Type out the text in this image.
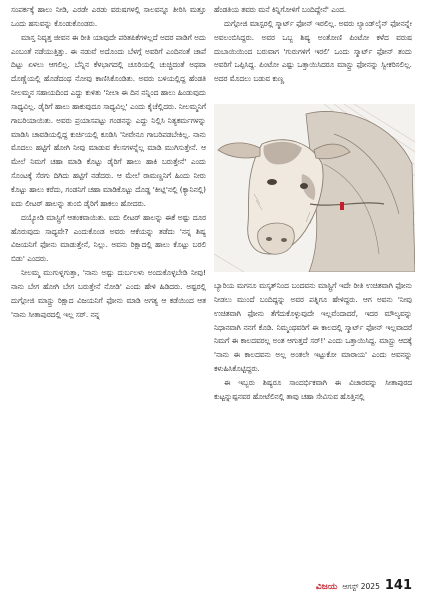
ಸಂಪರ್ಕಕ್ಕೆ ಹಾಲು ನೀಡಿ, ಎರಡೇ ಎರಡು ವರುಷಗಳಲ್ಲಿ ಸಾಲವನ್ನೂ ತೀರಿಸಿ ಮತ್ತೂ ಒಂದು ಹಸುವನ್ನು ಕೊಂಡುಕೊಂಡರು.

ಮಾಸ್ತ ನಿವೃತ್ತ ಜೀವನ ಈ ರೀತಿ ಯಾವುದೇ ಪರಿತಪಿಕೆಗಳಿಲ್ಲದೆ ಅದರ ಪಾಡಿಗೆ ಅದು ಎಂಬಂತೆ ನಡೆಯುತ್ತಿತ್ತು. ಈ ನಡುವೆ ಅದೊಂದು ಬೆಳಗ್ಗೆ ಅವರಿಗೆ ಎಂದಿನಂತೆ ಚಾಪೆ ದಿಟ್ಟು ಏಳಲು ಆಗಲಿಲ್ಲ. ಬೆನ್ನಿನ ಕೆಳಭಾಗದಲ್ಲಿ ಚೂರಿಯಲ್ಲಿ ಚುಚ್ಚಿದಂತೆ ಅಥವಾ ದೊಣ್ಣೆಯಲ್ಲಿ ಹೊಡೆದಂಥ ನೋವು ಕಾಣಿಸಿಕೊಂಡಿತು. ಅವರು ಬಳಿಯಲ್ಲಿದ್ದ ಹೆಂಡತಿ ನೀಲಮ್ಮನ ಸಹಾಯದಿಂದ ಎದ್ದು ಕುಳಿತು 'ನೀಲಾ ಈ ದಿನ ನನ್ನಿಂದ ಹಾಲು ಹಿಂಡುವುದು ಸಾಧ್ಯವಿಲ್ಲ. ಡೈರಿಗೆ ಹಾಲು ಹಾಕುವುದೂ ಸಾಧ್ಯವಿಲ್ಲ' ಎಂದು ಕೈಚೆಲ್ಲಿದರು. ನೀಲಮ್ಮನಿಗೆ ಗಾಬರಿಯಾಯಿತು. ಅವರು ಪ್ರಯಾಸಪಟ್ಟು ಗಂಡನನ್ನು ಎದ್ದು ನಿಲ್ಲಿಸಿ ನಿತ್ಯಕರ್ಮಗಳನ್ನು ಮಾಡಿಸಿ ಚಾವಡಿಯಲ್ಲಿದ್ದ ಕುರ್ಚಿಯಲ್ಲಿ ಕೂಡಿಸಿ 'ನೀವೇನೂ ಗಾಬರಿಪಡಬೇಕಿಲ್ಲ. ನಾನು ಮೊದಲು ಹಟ್ಟಿಗೆ ಹೋಗಿ ನೀವು ಮಾಡುವ ಕೆಲಸಗಳನ್ನೆಲ್ಲ ಮಾಡಿ ಮುಗಿಸುತ್ತೇನೆ. ಆ ಮೇಲೆ ನಿಮಗೆ ಚಹಾ ಮಾಡಿ ಕೊಟ್ಟು ಡೈರಿಗೆ ಹಾಲು ಹಾಕಿ ಬರುತ್ತೇನೆ' ಎಂದು ಸೊಂಟಕ್ಕೆ ಸೆರಗು ದಿಗಿದು ಹಟ್ಟಿಗೆ ನಡೆದರು. ಆ ಮೇಲೆ ರಾಮಣ್ಣನಿಗೆ ಹಿಂದು ನೀರು ಕೊಟ್ಟು ಹಾಲು ಕರೆದು, ಗಂಡನಿಗೆ ಚಹಾ ಮಾಡಿಕೊಟ್ಟು ದೊಡ್ಡ 'ಕೀಟ್ಲಿ'ನಲ್ಲಿ (ಕ್ಯಾನಿನಲ್ಲಿ) ಐದು ಲೀಟರ್ ಹಾಲನ್ನು ತುಂಬಿ ಡೈರಿಗೆ ಹಾಕಲು ಹೋದರು.

ದಯ್ಯೋಡಿ ಮಾಸ್ಟ್ರಿಗೆ ಆತಂಕವಾಯಿತು. ಐದು ಲೀಟರ್ ಹಾಲನ್ನು ಈಕೆ ಅಷ್ಟು ದೂರ ಹೊರುವುದು ಸಾಧ್ಯವೇ? ಎಂದುಕೊಂಡ ಅವರು ಆಕೆಯನ್ನು ತಡೆದು 'ನನ್ನ ಶಿಷ್ಯ ವಿಜಯನಿಗೆ ಫೋನು ಮಾಡುತ್ತೇನೆ, ನಿಲ್ಲು. ಅವನು ರಿಕ್ಷಾದಲ್ಲಿ ಹಾಲು ಕೊಟ್ಟು ಬರಲಿ ಬಿಡು' ಎಂದರು.

ನೀಲಮ್ಮ ಮುಗುಳ್ನಗುತ್ತಾ, 'ನಾನು ಅಷ್ಟು ದುರ್ಬಲಳು ಅಂದುಕೊಳ್ಳಬೇಡಿ ನೀವು! ನಾನು ಬೇಗ ಹೋಗಿ ಬೇಗ ಬರುತ್ತೇನೆ ನೋಡಿ' ಎಂದು ಹೇಳಿ ಹಿಡಿದರು. ಅಷ್ಟರಲ್ಲಿ ದುಗ್ಗೋಜಿ ಮಾಸ್ಟ್ರು ರಿಕ್ಷಾದ ವಿಜಯನಿಗೆ ಫೋನು ಮಾಡಿ ಅಗತ್ಯ ಆ ಕಡೆಯಿಂದ ಆತ 'ನಾನು ಸೀತಾಪುರದಲ್ಲಿ ಇಲ್ಲ ಸರ್. ನನ್ನ

ಹೆಂಡತಿಯ ತವರು ಮನೆ ಕಿನ್ನಿಗೋಳಿಗೆ ಬಂದಿದ್ದೇನೆ' ಎಂದ.

ದುಗ್ಗೋಜಿ ಮಾಸ್ಟರಲ್ಲಿ ಸ್ಮಾರ್ಟ್ ಫೋನ್ ಇರಲಿಲ್ಲ. ಅವರು ಲ್ಯಾಂಡ್‌ಲೈನ್ ಫೋನನ್ನೇ ಅವಲಂಬಿಸಿದ್ದರು. ಅವರ ಒಬ್ಬ ಶಿಷ್ಯ ಅಂತೋಣಿ ಪಿಂಟೋ ಕಳೆದ ವರುಷ ದುಬಾಯಿಯಿಂದ ಬರುವಾಗ 'ಗುರುಗಳಿಗೆ ಇರಲಿ' ಒಂದು ಸ್ಮಾರ್ಟ್ ಫೋನ್ ತಂದು ಅವರಿಗೆ ಒಪ್ಪಿಸಿದ್ದ. ಪಿಂಟೋ ಎಷ್ಟು ಒತ್ತಾಯಿಸಿದರೂ ಮಾಸ್ಟ್ರು ಫೋನನ್ನು ಸ್ವೀಕರಿಸಲಿಲ್ಲ. ಅದರ ಮೊದಲು ಬಡುವ ಕುಣ್ಣ

ಬ್ಯಾರಿಯ ಮಗನೂ ಮಸ್ಕತ್‌ನಿಂದ ಬಂದವನು ಮಾಸ್ಟ್ರಿಗೆ ಇದೇ ರೀತಿ ಉಚಿತವಾಗಿ ಫೋನು ನೀಡಲು ಮುಂದೆ ಬಂದಿದ್ದನ್ನು ಅವರ ಪತ್ನಿಗೂ ಹೇಳಿದ್ದರು. ಆಗ ಅವನು 'ನೀವು ಉಚಿತವಾಗಿ ಫೋನು ತೆಗೆದುಕೊಳ್ಳುವುದೇ ಇಲ್ಲವೆಂದಾದರೆ, ಇದರ ಮೌಲ್ಯವನ್ನು ನಿಧಾನವಾಗಿ ನನಗೆ ಕೊಡಿ. ನಿಮ್ಮಂಥವರಿಗೆ ಈ ಕಾಲದಲ್ಲಿ ಸ್ಮಾರ್ಟ್ ಫೋನ್ ಇಲ್ಲವಾದರೆ ನಿಮಗೆ ಈ ಕಾಲದವರಲ್ಲ ಅಂತ ಆಗುತ್ತದೆ ಸರ್!' ಎಂದು ಒತ್ತಾಯಿಸಿದ್ದ. ಮಾಸ್ಟ್ರು ಆದಕ್ಕೆ 'ನಾನು ಈ ಕಾಲದವನು ಅಲ್ಲ ಅಂತಲೇ ಇಟ್ಟುಕೋ ಮಾರಾಯ' ಎಂದು ಅವನನ್ನು ಕಳುಹಿಸಿಕೊಟ್ಟಿದ್ದರು.

ಈ ಇಬ್ಬರು ಶಿಷ್ಯರೂ ಸಾಂದರ್ಭಿಕವಾಗಿ ಈ ವಿಚಾರವನ್ನು ಸೀತಾಪುರದ ಕುಟ್ಟನ್ನುಷ್ಪನವರ ಹೋಟೆಲಿನಲ್ಲಿ ತಾವು ಚಹಾ ಸೇವಿಸುವ ಹೊತ್ತಿನಲ್ಲಿ

ವಿಜಯ ಆಗಸ್ಟ್ 2025 141
